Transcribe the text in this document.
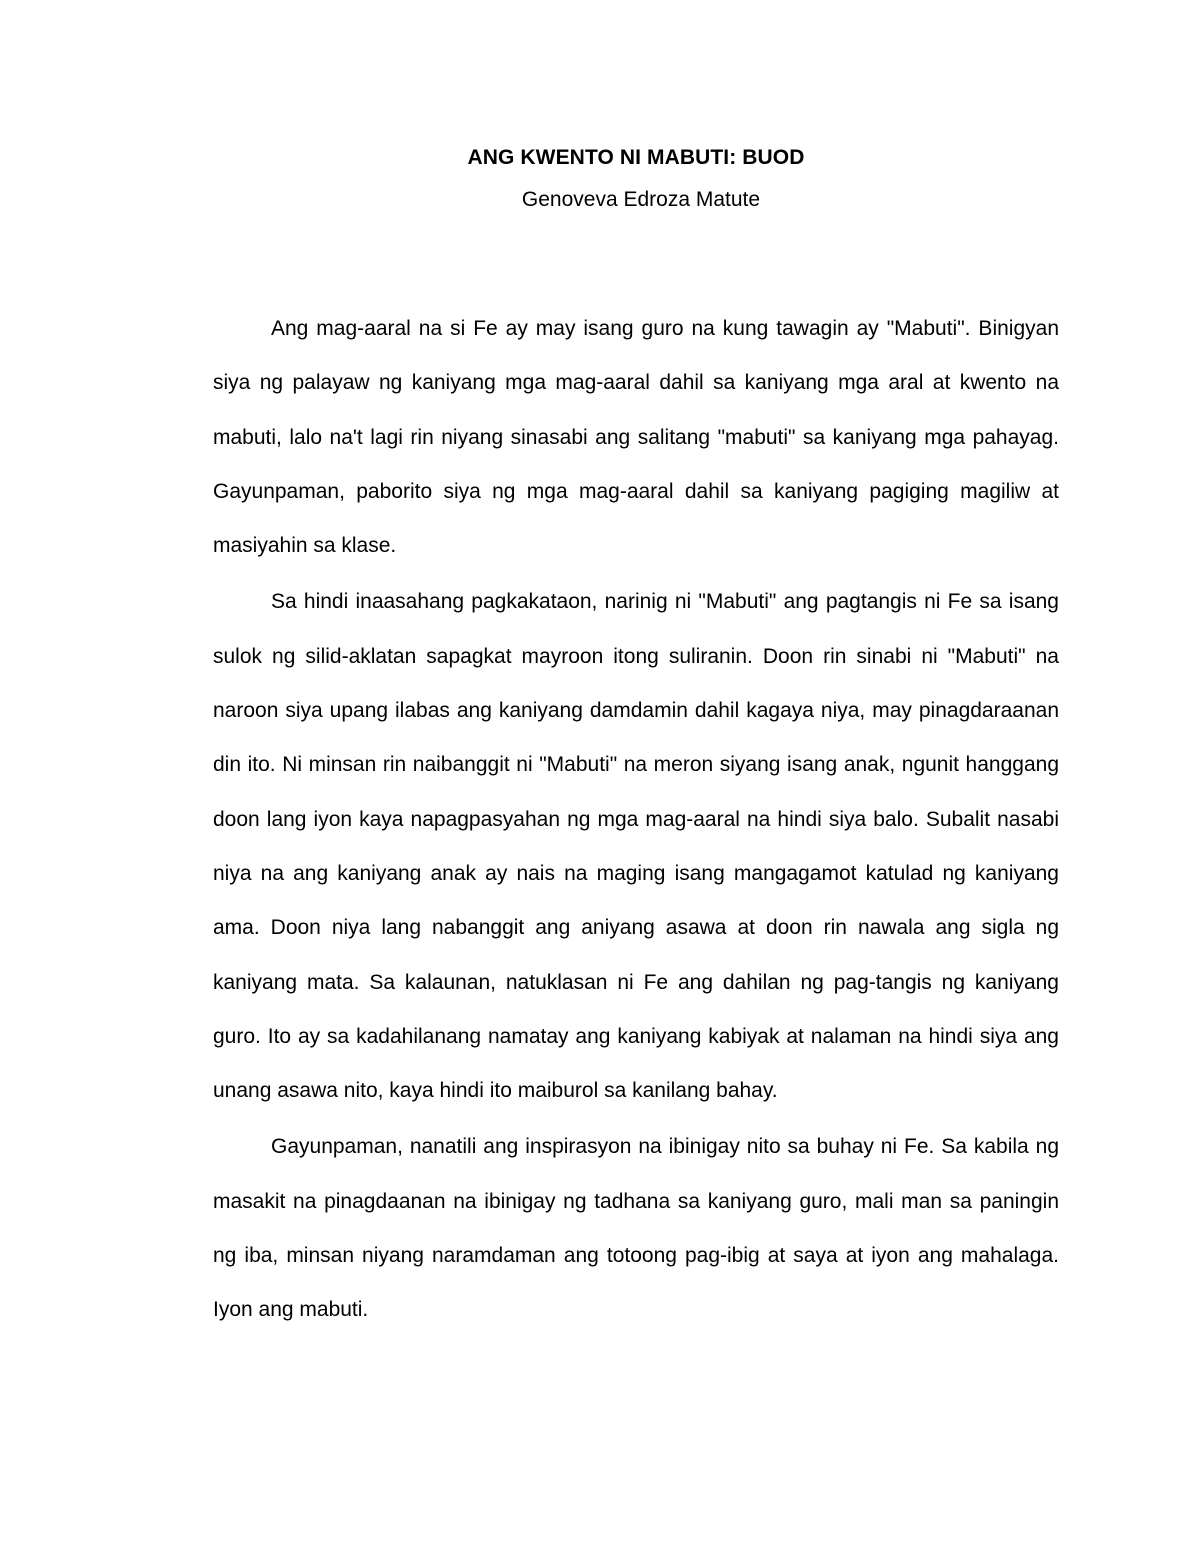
ANG KWENTO NI MABUTI: BUOD
Genoveva Edroza Matute

Ang mag-aaral na si Fe ay may isang guro na kung tawagin ay "Mabuti". Binigyan siya ng palayaw ng kaniyang mga mag-aaral dahil sa kaniyang mga aral at kwento na mabuti, lalo na't lagi rin niyang sinasabi ang salitang "mabuti" sa kaniyang mga pahayag. Gayunpaman, paborito siya ng mga mag-aaral dahil sa kaniyang pagiging magiliw at masiyahin sa klase.

Sa hindi inaasahang pagkakataon, narinig ni "Mabuti" ang pagtangis ni Fe sa isang sulok ng silid-aklatan sapagkat mayroon itong suliranin. Doon rin sinabi ni "Mabuti" na naroon siya upang ilabas ang kaniyang damdamin dahil kagaya niya, may pinagdaraanan din ito. Ni minsan rin naibanggit ni "Mabuti" na meron siyang isang anak, ngunit hanggang doon lang iyon kaya napagpasyahan ng mga mag-aaral na hindi siya balo. Subalit nasabi niya na ang kaniyang anak ay nais na maging isang mangagamot katulad ng kaniyang ama. Doon niya lang nabanggit ang aniyang asawa at doon rin nawala ang sigla ng kaniyang mata. Sa kalaunan, natuklasan ni Fe ang dahilan ng pag-tangis ng kaniyang guro. Ito ay sa kadahilanang namatay ang kaniyang kabiyak at nalaman na hindi siya ang unang asawa nito, kaya hindi ito maiburol sa kanilang bahay.

Gayunpaman, nanatili ang inspirasyon na ibinigay nito sa buhay ni Fe. Sa kabila ng masakit na pinagdaanan na ibinigay ng tadhana sa kaniyang guro, mali man sa paningin ng iba, minsan niyang naramdaman ang totoong pag-ibig at saya at iyon ang mahalaga. Iyon ang mabuti.
